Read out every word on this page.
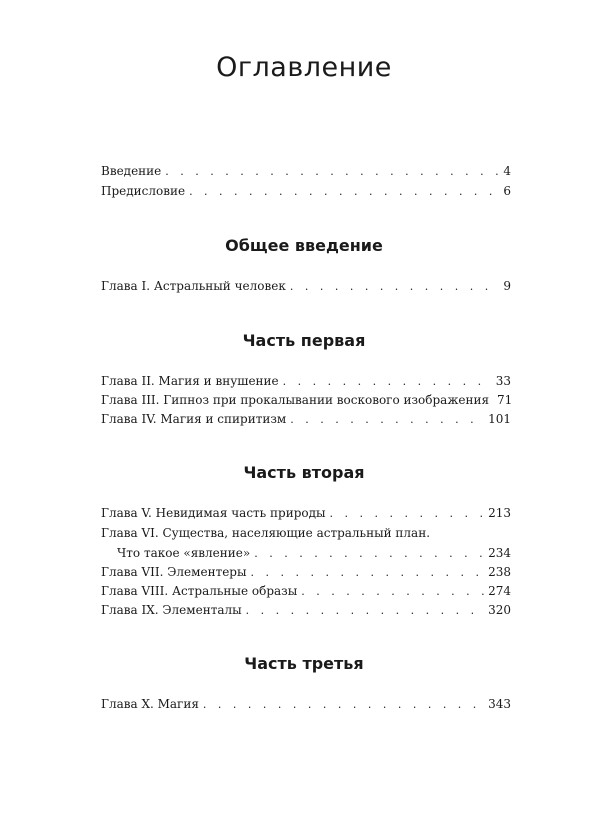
Оглавление
Введение . . .	4
Предисловие . . .	6
Общее введение
Глава I. Астральный человек . . .	9
Часть первая
Глава II. Магия и внушение . . .	33
Глава III. Гипноз при прокалывании воскового изображения 71
Глава IV. Магия и спиритизм . . .	101
Часть вторая
Глава V. Невидимая часть природы . . .	213
Глава VI. Существа, населяющие астральный план.
Что такое «явление» . . .	234
Глава VII. Элементеры . . .	238
Глава VIII. Астральные образы . . .	274
Глава IX. Элементалы . . .	320
Часть третья
Глава X. Магия . . .	343
